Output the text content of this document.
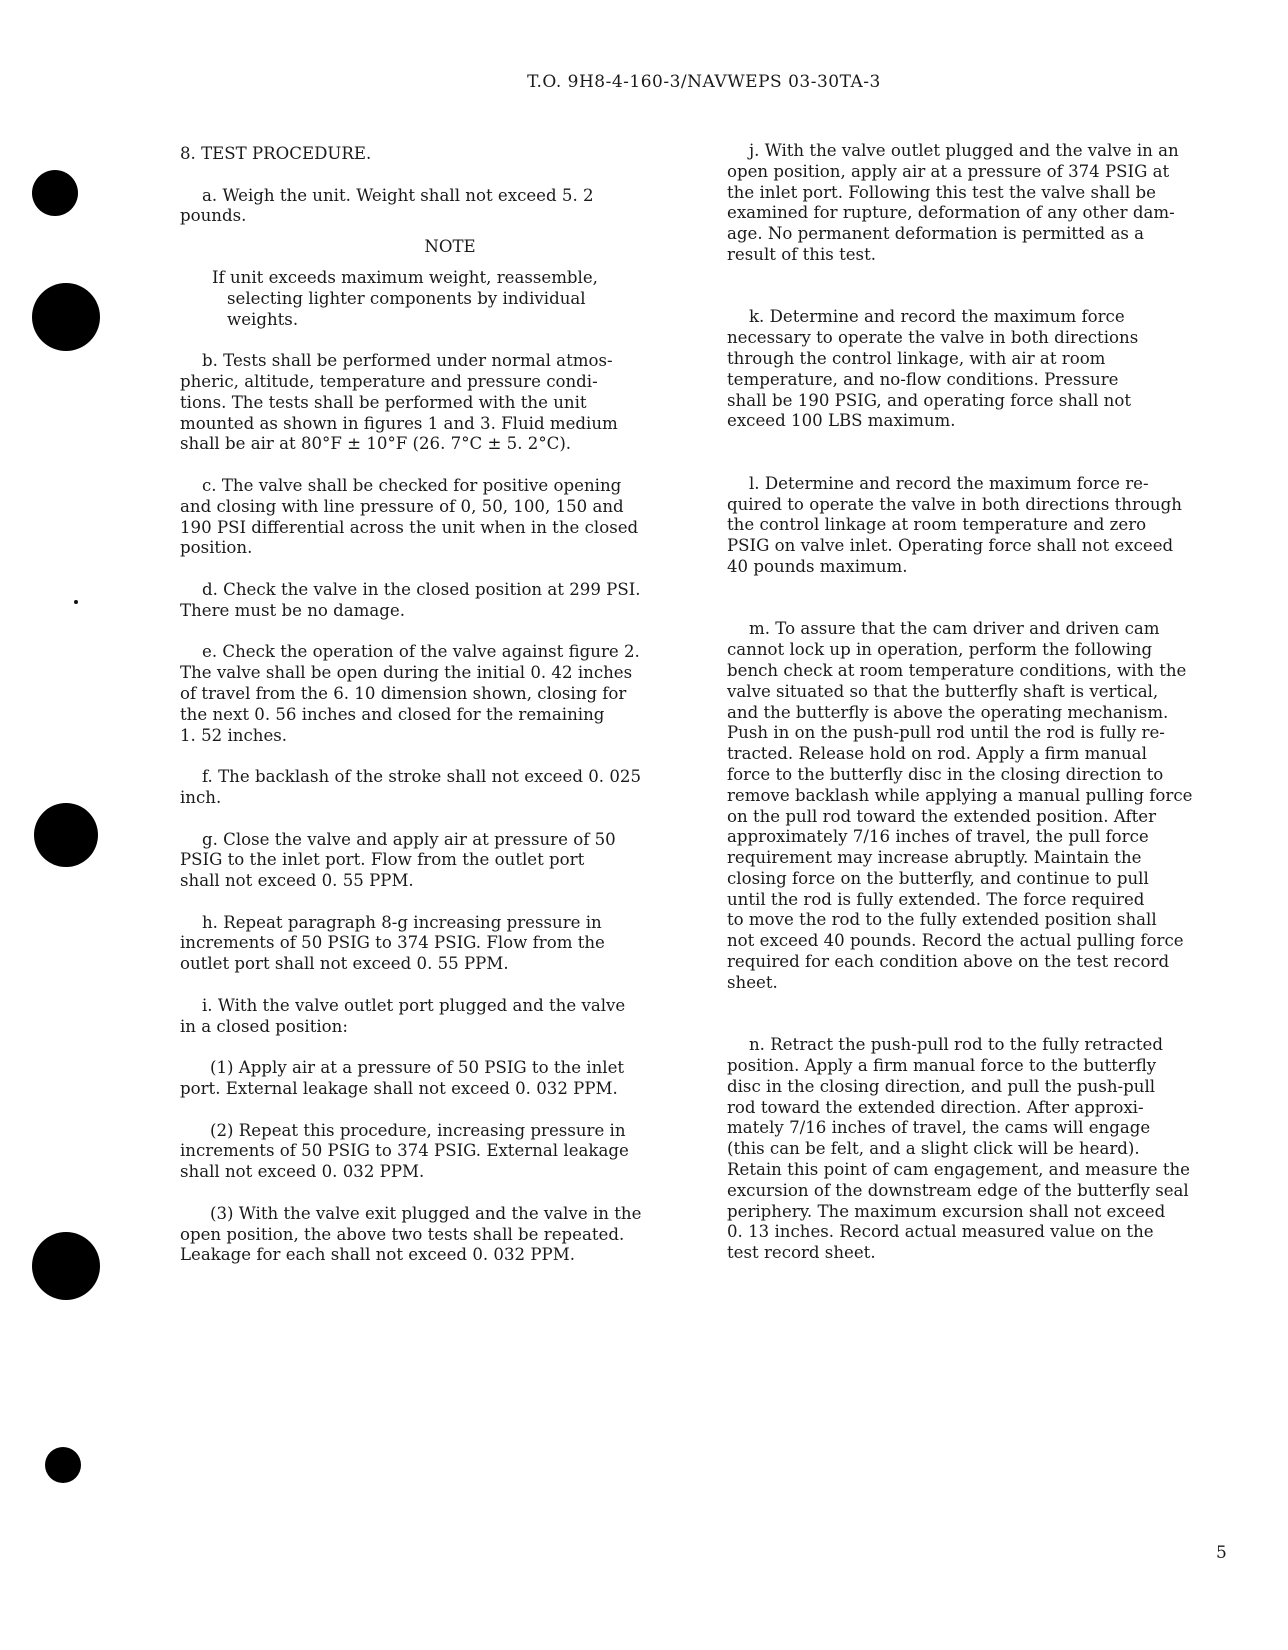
T.O. 9H8-4-160-3/NAVWEPS 03-30TA-3

8. TEST PROCEDURE.

a. Weigh the unit. Weight shall not exceed 5. 2

pounds.

NOTE

If unit exceeds maximum weight, reassemble,

selecting lighter components by individual

weights.

b. Tests shall be performed under normal atmos-

pheric, altitude, temperature and pressure condi-

tions. The tests shall be performed with the unit

mounted as shown in figures 1 and 3. Fluid medium

shall be air at 80°F ± 10°F (26. 7°C ± 5. 2°C).

c. The valve shall be checked for positive opening

and closing with line pressure of 0, 50, 100, 150 and

190 PSI differential across the unit when in the closed

position.

d. Check the valve in the closed position at 299 PSI.

There must be no damage.

e. Check the operation of the valve against figure 2.

The valve shall be open during the initial 0. 42 inches

of travel from the 6. 10 dimension shown, closing for

the next 0. 56 inches and closed for the remaining

1. 52 inches.

f. The backlash of the stroke shall not exceed 0. 025

inch.

g. Close the valve and apply air at pressure of 50

PSIG to the inlet port. Flow from the outlet port

shall not exceed 0. 55 PPM.

h. Repeat paragraph 8-g increasing pressure in

increments of 50 PSIG to 374 PSIG. Flow from the

outlet port shall not exceed 0. 55 PPM.

i. With the valve outlet port plugged and the valve

in a closed position:

(1) Apply air at a pressure of 50 PSIG to the inlet

port. External leakage shall not exceed 0. 032 PPM.

(2) Repeat this procedure, increasing pressure in

increments of 50 PSIG to 374 PSIG. External leakage

shall not exceed 0. 032 PPM.

(3) With the valve exit plugged and the valve in the

open position, the above two tests shall be repeated.

Leakage for each shall not exceed 0. 032 PPM.

j. With the valve outlet plugged and the valve in an

open position, apply air at a pressure of 374 PSIG at

the inlet port. Following this test the valve shall be

examined for rupture, deformation of any other dam-

age. No permanent deformation is permitted as a

result of this test.

k. Determine and record the maximum force

necessary to operate the valve in both directions

through the control linkage, with air at room

temperature, and no-flow conditions. Pressure

shall be 190 PSIG, and operating force shall not

exceed 100 LBS maximum.

l. Determine and record the maximum force re-

quired to operate the valve in both directions through

the control linkage at room temperature and zero

PSIG on valve inlet. Operating force shall not exceed

40 pounds maximum.

m. To assure that the cam driver and driven cam

cannot lock up in operation, perform the following

bench check at room temperature conditions, with the

valve situated so that the butterfly shaft is vertical,

and the butterfly is above the operating mechanism.

Push in on the push-pull rod until the rod is fully re-

tracted. Release hold on rod. Apply a firm manual

force to the butterfly disc in the closing direction to

remove backlash while applying a manual pulling force

on the pull rod toward the extended position. After

approximately 7/16 inches of travel, the pull force

requirement may increase abruptly. Maintain the

closing force on the butterfly, and continue to pull

until the rod is fully extended. The force required

to move the rod to the fully extended position shall

not exceed 40 pounds. Record the actual pulling force

required for each condition above on the test record

sheet.

n. Retract the push-pull rod to the fully retracted

position. Apply a firm manual force to the butterfly

disc in the closing direction, and pull the push-pull

rod toward the extended direction. After approxi-

mately 7/16 inches of travel, the cams will engage

(this can be felt, and a slight click will be heard).

Retain this point of cam engagement, and measure the

excursion of the downstream edge of the butterfly seal

periphery. The maximum excursion shall not exceed

0. 13 inches. Record actual measured value on the

test record sheet.

5
